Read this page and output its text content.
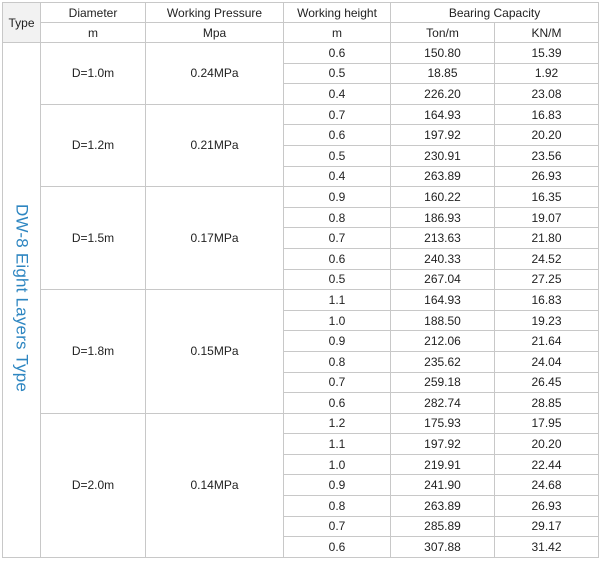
Type	Diameter	Working Pressure	Working height	Bearing Capacity	
	m	Mpa	m	Ton/m	KN/M
DW-8 Eight Layers Type	D=1.0m	0.24MPa	0.6	150.80	15.39
			0.5	18.85	1.92
			0.4	226.20	23.08
	D=1.2m	0.21MPa	0.7	164.93	16.83
			0.6	197.92	20.20
			0.5	230.91	23.56
			0.4	263.89	26.93
	D=1.5m	0.17MPa	0.9	160.22	16.35
			0.8	186.93	19.07
			0.7	213.63	21.80
			0.6	240.33	24.52
			0.5	267.04	27.25
	D=1.8m	0.15MPa	1.1	164.93	16.83
			1.0	188.50	19.23
			0.9	212.06	21.64
			0.8	235.62	24.04
			0.7	259.18	26.45
			0.6	282.74	28.85
	D=2.0m	0.14MPa	1.2	175.93	17.95
			1.1	197.92	20.20
			1.0	219.91	22.44
			0.9	241.90	24.68
			0.8	263.89	26.93
			0.7	285.89	29.17
			0.6	307.88	31.42
